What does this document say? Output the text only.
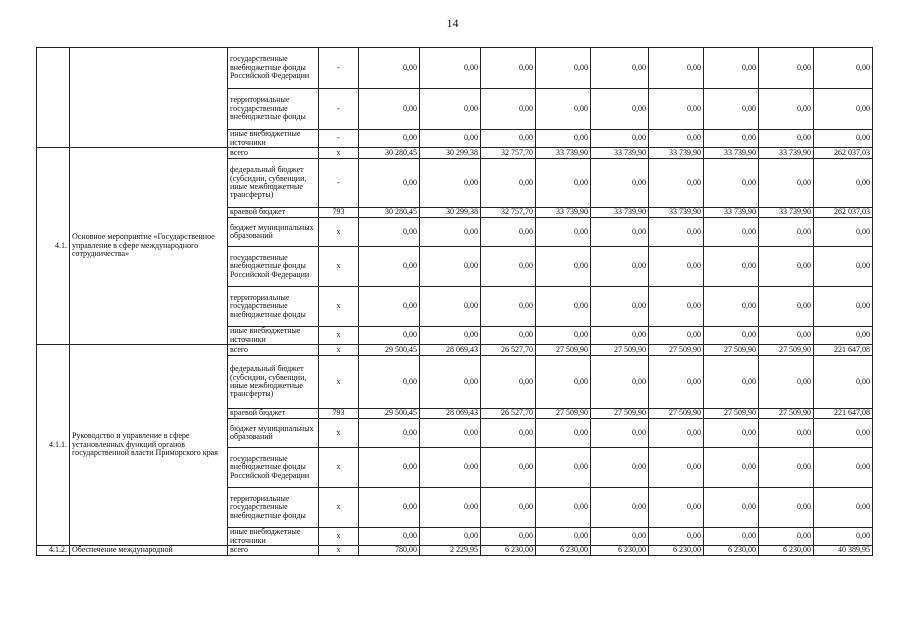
14
		государственные внебюджетные фонды Российской Федерации	-	0,00	0,00	0,00	0,00	0,00	0,00	0,00	0,00	0,00
		территориальные государственные внебюджетные фонды	-	0,00	0,00	0,00	0,00	0,00	0,00	0,00	0,00	0,00
		иные внебюджетные источники	-	0,00	0,00	0,00	0,00	0,00	0,00	0,00	0,00	0,00
4.1.	Основное мероприятие «Государственное управление в сфере международного сотрудничества»	всего	x	30 280,45	30 299,38	32 757,70	33 739,90	33 739,90	33 739,90	33 739,90	33 739,90	262 037,03
		федеральный бюджет (субсидии, субвенции, иные межбюджетные трансферты)	-	0,00	0,00	0,00	0,00	0,00	0,00	0,00	0,00	0,00
		краевой бюджет	793	30 280,45	30 299,38	32 757,70	33 739,90	33 739,90	33 739,90	33 739,90	33 739,90	262 037,03
		бюджет муниципальных образований	x	0,00	0,00	0,00	0,00	0,00	0,00	0,00	0,00	0,00
		государственные внебюджетные фонды Российской Федерации	x	0,00	0,00	0,00	0,00	0,00	0,00	0,00	0,00	0,00
		территориальные государственные внебюджетные фонды	x	0,00	0,00	0,00	0,00	0,00	0,00	0,00	0,00	0,00
		иные внебюджетные источники	x	0,00	0,00	0,00	0,00	0,00	0,00	0,00	0,00	0,00
4.1.1.	Руководство и управление в сфере установленных функций органов государственной власти Приморского края	всего	x	29 500,45	28 069,43	26 527,70	27 509,90	27 509,90	27 509,90	27 509,90	27 509,90	221 647,08
		федеральный бюджет (субсидии, субвенции, иные межбюджетные трансферты)	x	0,00	0,00	0,00	0,00	0,00	0,00	0,00	0,00	0,00
		краевой бюджет	793	29 500,45	28 069,43	26 527,70	27 509,90	27 509,90	27 509,90	27 509,90	27 509,90	221 647,08
		бюджет муниципальных образований	x	0,00	0,00	0,00	0,00	0,00	0,00	0,00	0,00	0,00
		государственные внебюджетные фонды Российской Федерации	x	0,00	0,00	0,00	0,00	0,00	0,00	0,00	0,00	0,00
		территориальные государственные внебюджетные фонды	x	0,00	0,00	0,00	0,00	0,00	0,00	0,00	0,00	0,00
		иные внебюджетные источники	x	0,00	0,00	0,00	0,00	0,00	0,00	0,00	0,00	0,00
4.1.2.	Обеспечение международной	всего	x	780,00	2 229,95	6 230,00	6 230,00	6 230,00	6 230,00	6 230,00	6 230,00	40 389,95
